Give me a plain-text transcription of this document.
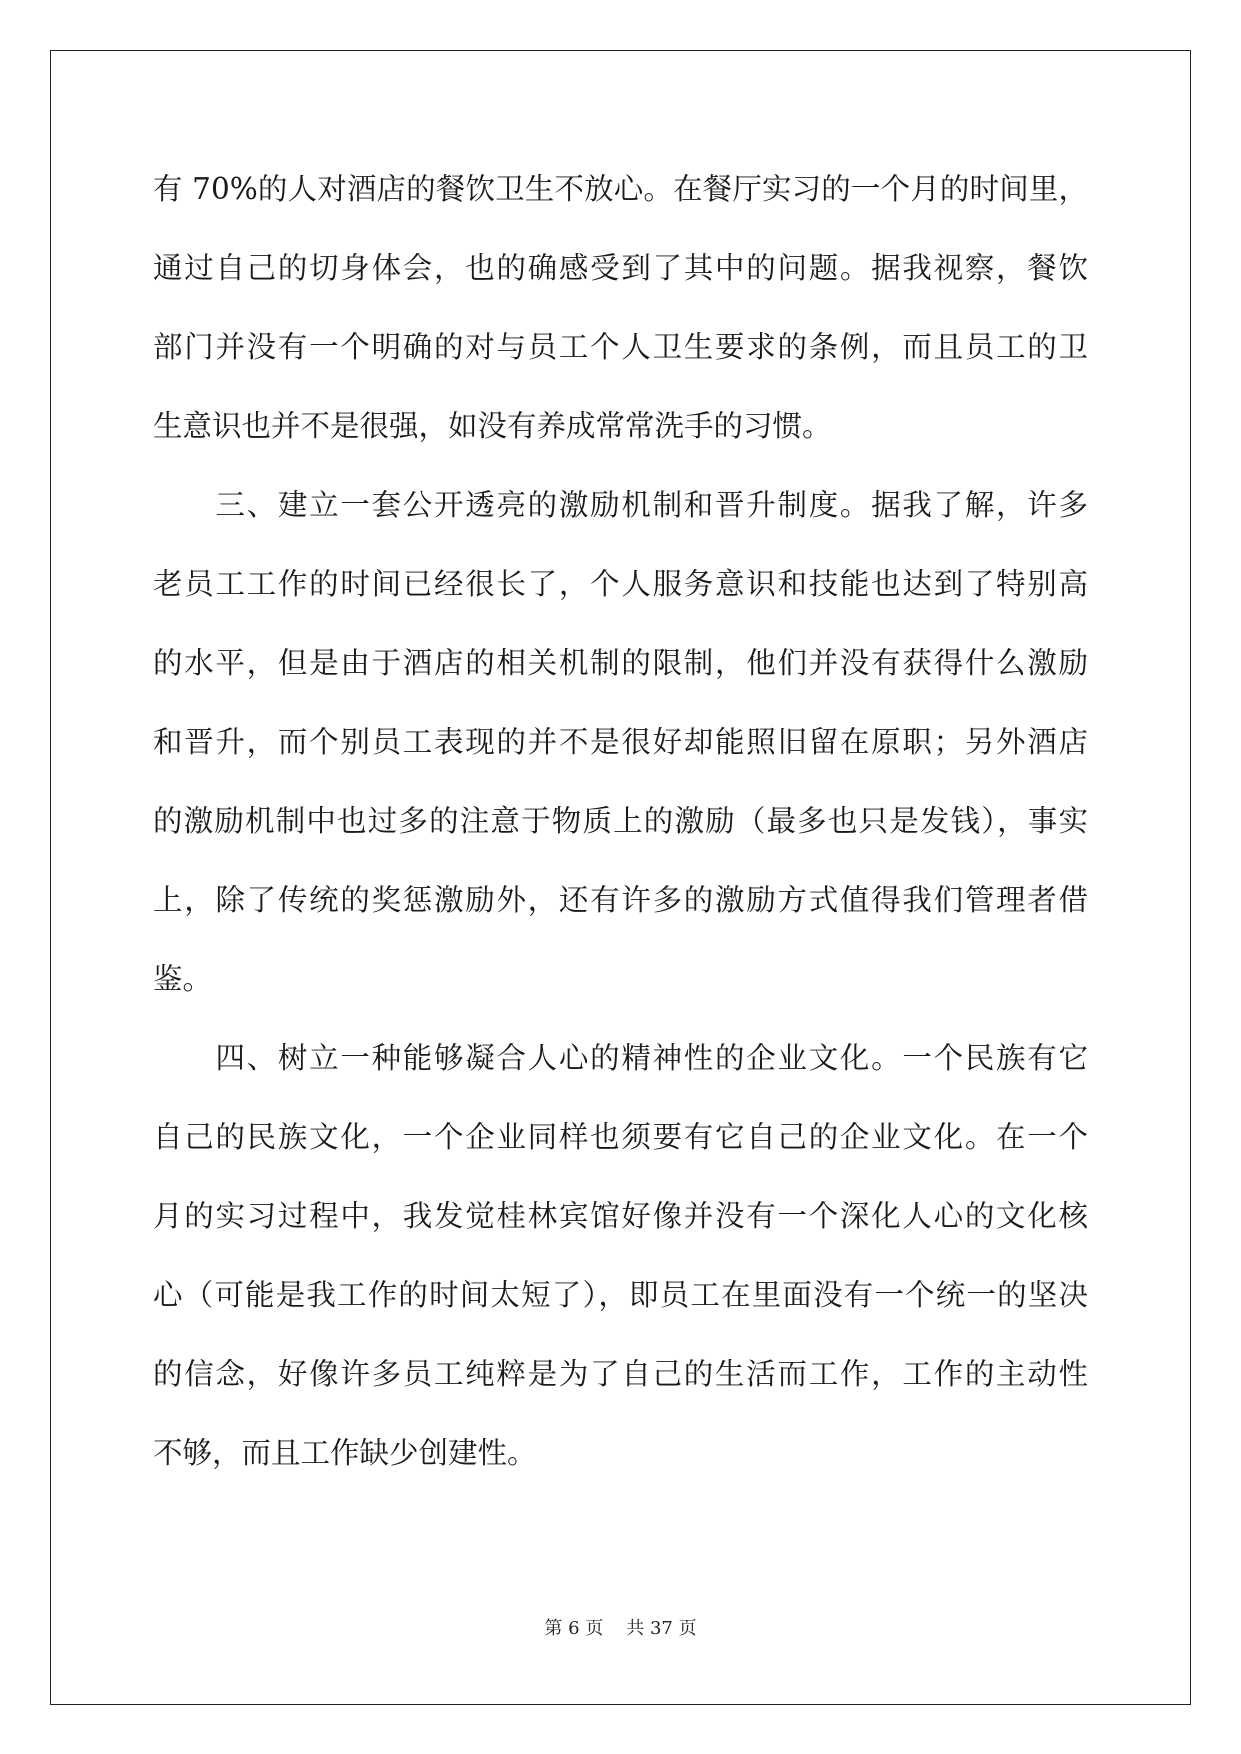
有 70%的人对酒店的餐饮卫生不放心。在餐厅实习的一个月的时间里，
通过自己的切身体会，也的确感受到了其中的问题。据我视察，餐饮
部门并没有一个明确的对与员工个人卫生要求的条例，而且员工的卫
生意识也并不是很强，如没有养成常常洗手的习惯。
　　三、建立一套公开透亮的激励机制和晋升制度。据我了解，许多
老员工工作的时间已经很长了，个人服务意识和技能也达到了特别高
的水平，但是由于酒店的相关机制的限制，他们并没有获得什么激励
和晋升，而个别员工表现的并不是很好却能照旧留在原职；另外酒店
的激励机制中也过多的注意于物质上的激励（最多也只是发钱），事实
上，除了传统的奖惩激励外，还有许多的激励方式值得我们管理者借
鉴。
　　四、树立一种能够凝合人心的精神性的企业文化。一个民族有它
自己的民族文化，一个企业同样也须要有它自己的企业文化。在一个
月的实习过程中，我发觉桂林宾馆好像并没有一个深化人心的文化核
心（可能是我工作的时间太短了），即员工在里面没有一个统一的坚决
的信念，好像许多员工纯粹是为了自己的生活而工作，工作的主动性
不够，而且工作缺少创建性。
第 6 页 共 37 页
